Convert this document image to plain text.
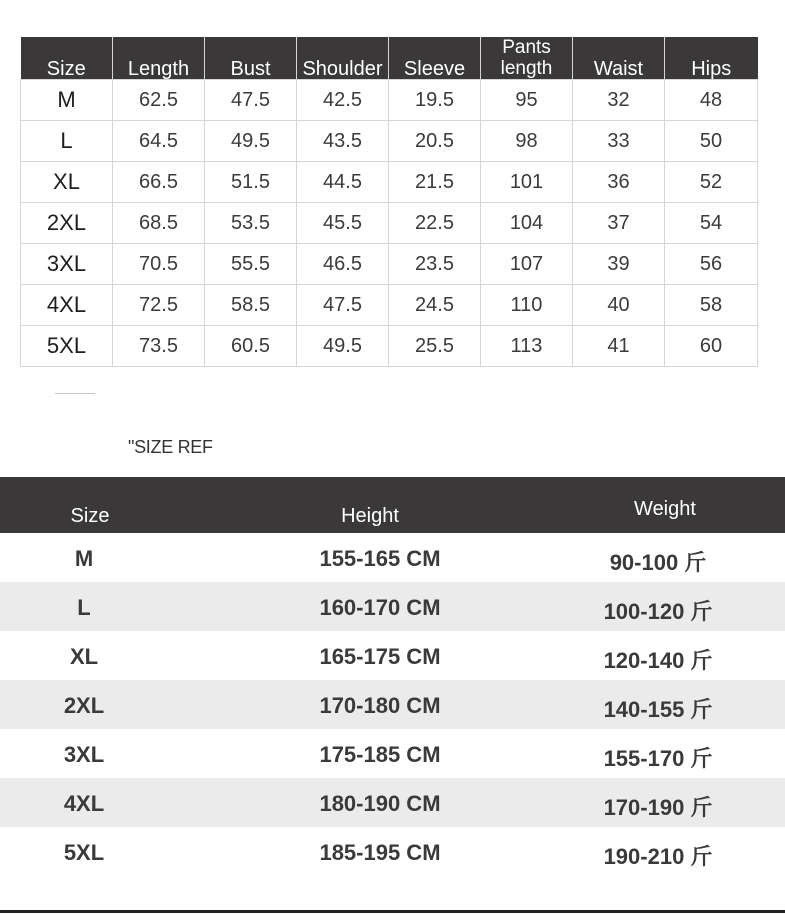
Size	Length	Bust	Shoulder	Sleeve	Pants length	Waist	Hips
M	62.5	47.5	42.5	19.5	95	32	48
L	64.5	49.5	43.5	20.5	98	33	50
XL	66.5	51.5	44.5	21.5	101	36	52
2XL	68.5	53.5	45.5	22.5	104	37	54
3XL	70.5	55.5	46.5	23.5	107	39	56
4XL	72.5	58.5	47.5	24.5	110	40	58
5XL	73.5	60.5	49.5	25.5	113	41	60
"SIZE REF
Size	Height	Weight
M	155-165 CM	90-100 斤
L	160-170 CM	100-120 斤
XL	165-175 CM	120-140 斤
2XL	170-180 CM	140-155 斤
3XL	175-185 CM	155-170 斤
4XL	180-190 CM	170-190 斤
5XL	185-195 CM	190-210 斤
